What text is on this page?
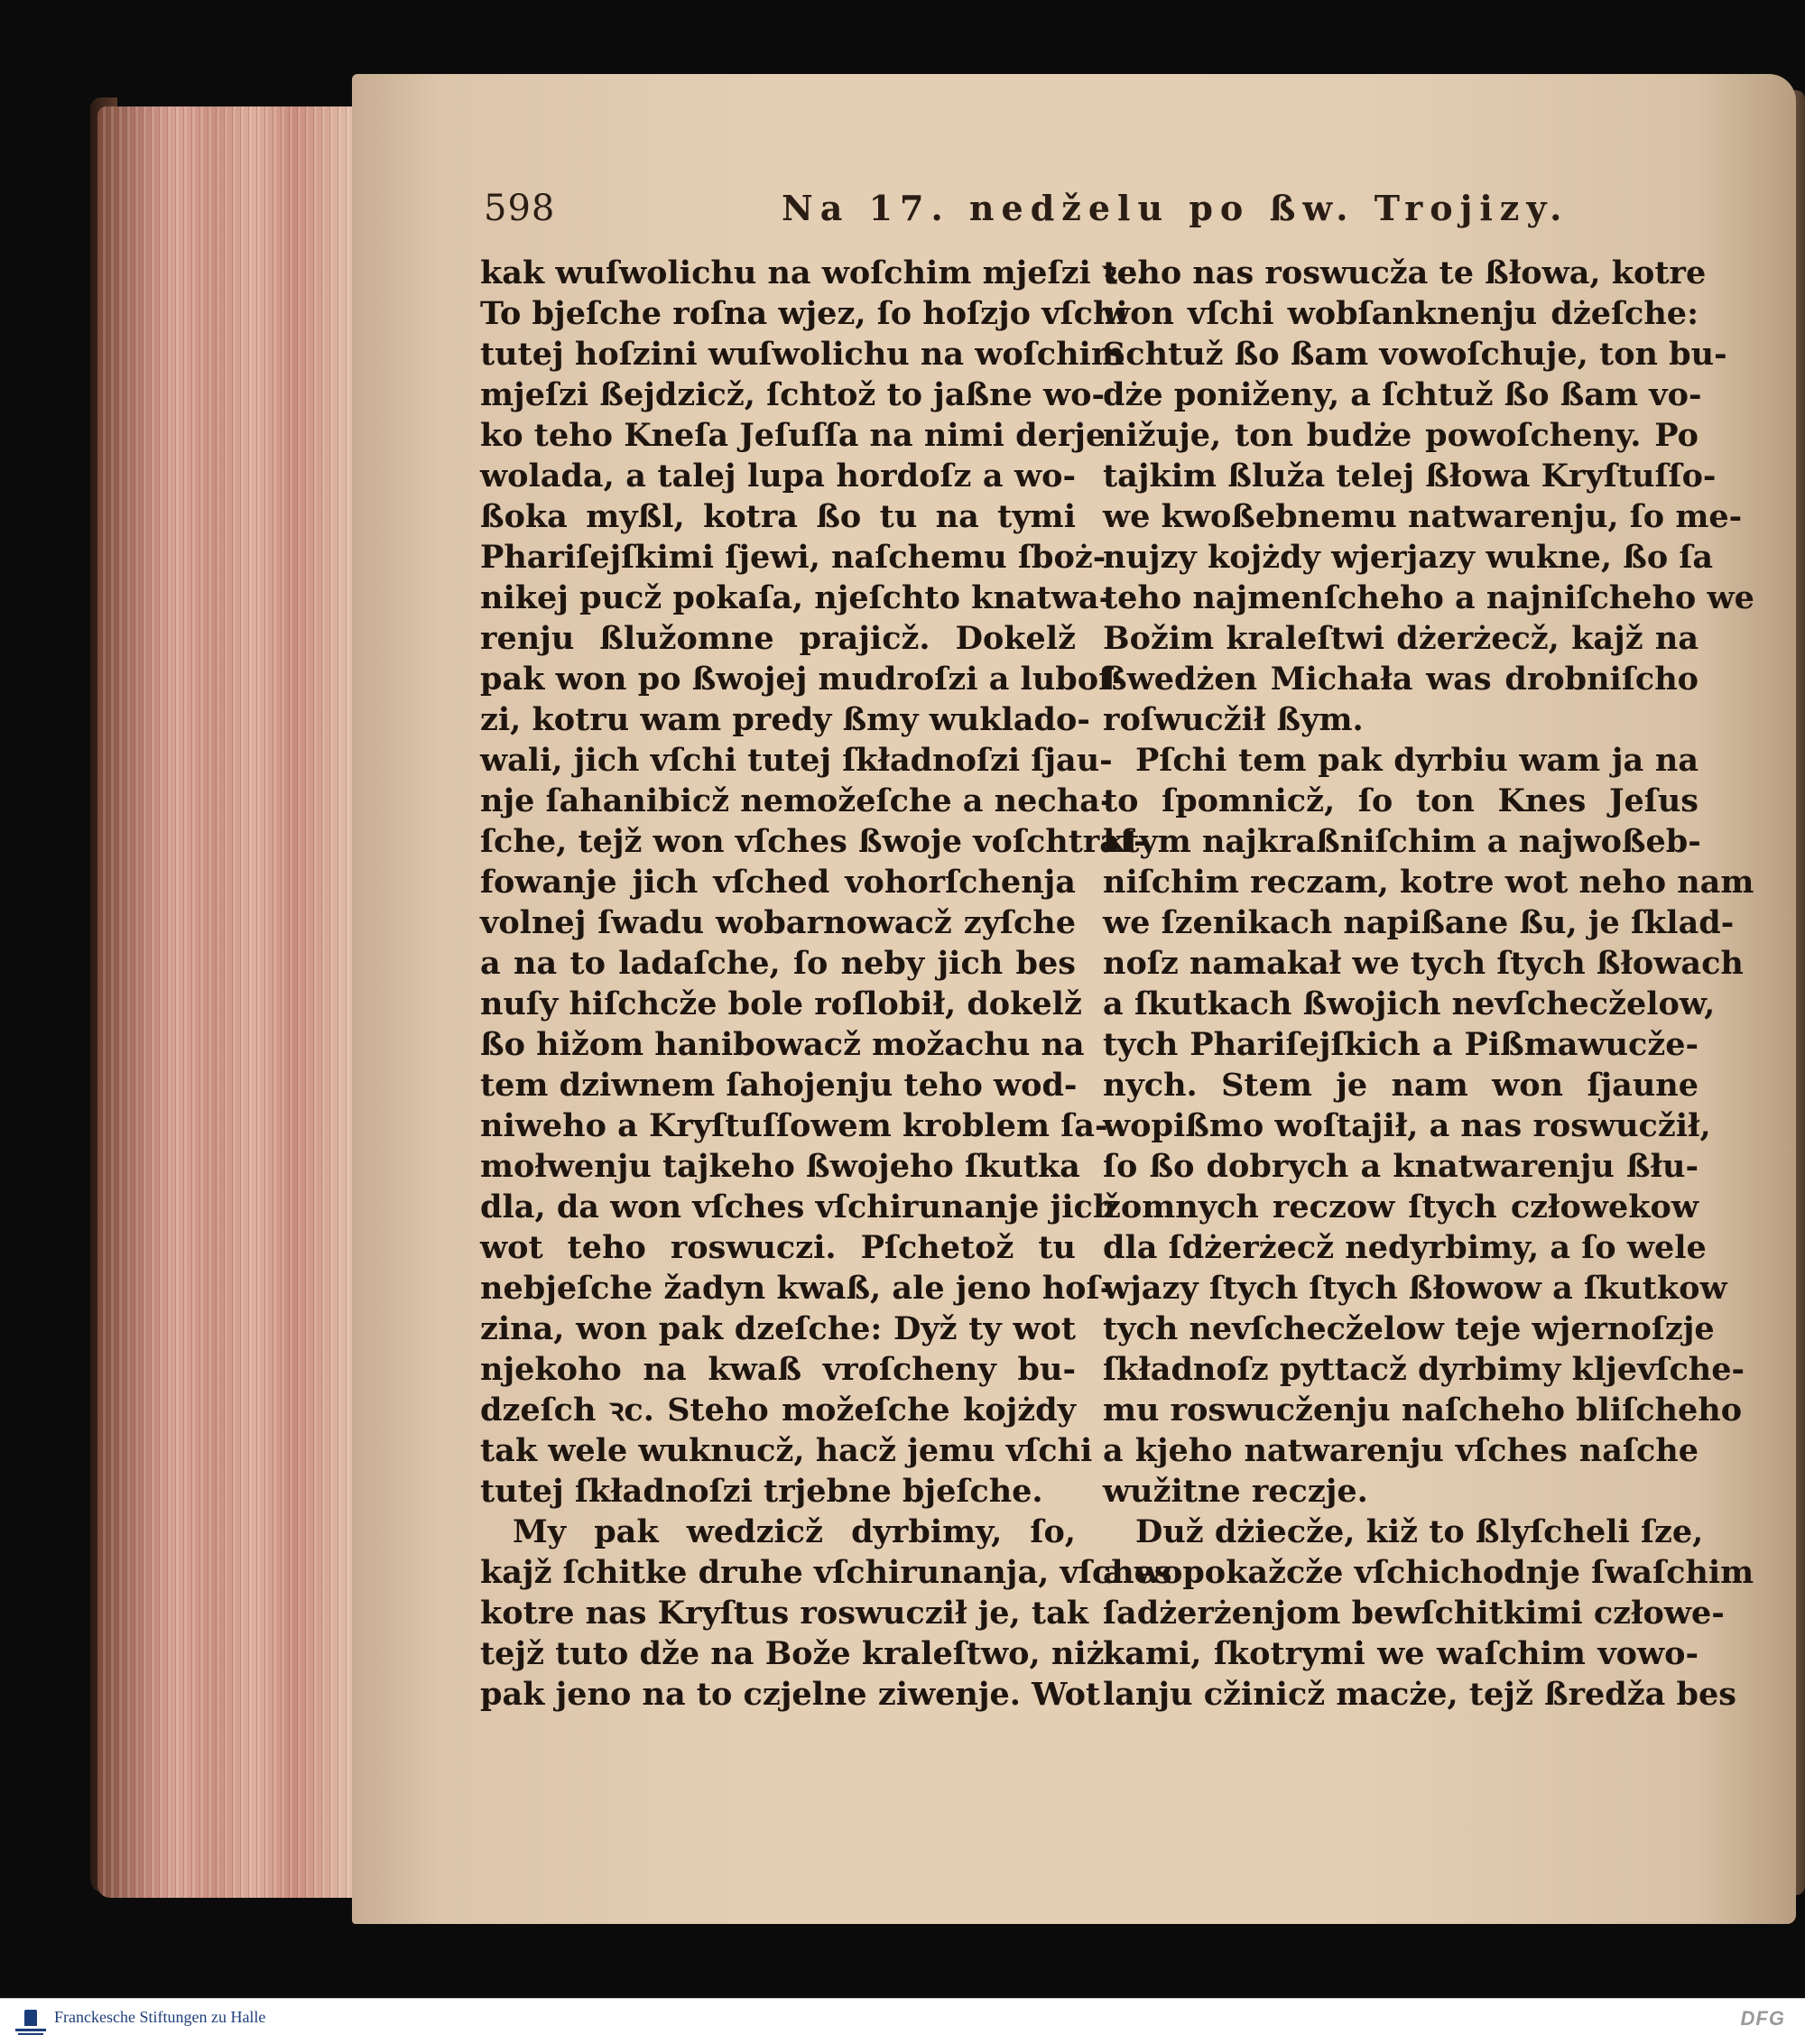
598	Na 17. nedželu po ßw. Trojizy.
kak wuſwolichu na woſchim mjeſzi ꝛc.
To bjeſche roſna wjez, ſo hoſzjo vſchi
tutej hoſzini wuſwolichu na woſchim
mjeſzi ßejdzicž, ſchtož to jaßne wo-
ko teho Kneſa Jeſuſſa na nimi derje
wolada, a talej lupa hordoſz a wo-
ßoka myßl, kotra ßo tu na tymi
Phariſejſkimi ſjewi, naſchemu ſboż-
nikej pucž pokaſa, njeſchto knatwa-
renju ßlužomne prajicž. Dokelž
pak won po ßwojej mudroſzi a luboſ-
zi, kotru wam predy ßmy wuklado-
wali, jich vſchi tutej ſkładnoſzi ſjau-
nje ſahanibicž nemožeſche a necha-
ſche, tejž won vſches ßwoje voſchtraſ-
fowanje jich vſched vohorſchenja
volnej ſwadu wobarnowacž zyſche
a na to ladaſche, ſo neby jich bes
nuſy hiſchcže bole roſlobił, dokelž
ßo hižom hanibowacž možachu na
tem dziwnem ſahojenju teho wod-
niweho a Kryſtuſſowem kroblem ſa-
mołwenju tajkeho ßwojeho ſkutka
dla, da won vſches vſchirunanje jich
wot teho roswuczi. Pſchetož tu
nebjeſche žadyn kwaß, ale jeno hoſ-
zina, won pak dzeſche: Dyž ty wot
njekoho na kwaß vroſcheny bu-
dzeſch ꝛc. Steho možeſche kojżdy
tak wele wuknucž, hacž jemu vſchi
tutej ſkładnoſzi trjebne bjeſche.
My pak wedzicž dyrbimy, ſo,
kajž ſchitke druhe vſchirunanja, vſches
kotre nas Kryſtus roswucził je, tak
tejž tuto dže na Bože kraleſtwo, niż
pak jeno na to czjelne ziwenje. Wot
teho nas roswucža te ßłowa, kotre
won vſchi wobſanknenju dżeſche:
Schtuž ßo ßam vowoſchuje, ton bu-
dże poniženy, a ſchtuž ßo ßam vo-
nižuje, ton budże powoſcheny. Po
tajkim ßluža telej ßłowa Kryſtuſſo-
we kwoßebnemu natwarenju, ſo me-
nujzy kojżdy wjerjazy wukne, ßo ſa
teho najmenſcheho a najniſcheho we
Božim kraleſtwi dżerżecž, kajž na
ßwedżen Michała was drobniſcho
roſwucžił ßym.
Pſchi tem pak dyrbiu wam ja na
to ſpomnicž, ſo ton Knes Jeſus
ktym najkraßniſchim a najwoßeb-
niſchim reczam, kotre wot neho nam
we ſzenikach napißane ßu, je ſklad-
noſz namakał we tych ſtych ßłowach
a ſkutkach ßwojich nevſchecželow,
tych Phariſejſkich a Pißmawucže-
nych. Stem je nam won ſjaune
wopißmo woſtajił, a nas roswucžił,
ſo ßo dobrych a knatwarenju ßłu-
žomnych reczow ſtych człowekow
dla ſdżerżecž nedyrbimy, a ſo wele
wjazy ſtych ſtych ßłowow a ſkutkow
tych nevſchecželow teje wjernoſzje
ſkładnoſz pyttacž dyrbimy kljevſche-
mu roswucženju naſcheho bliſcheho
a kjeho natwarenju vſches naſche
wužitne reczje.
Duž dżiecže, kiž to ßlyſcheli ſze,
a wopokažcže vſchichodnje ſwaſchim
ſadżerżenjom bewſchitkimi człowe-
kami, ſkotrymi we waſchim vowo-
lanju cžinicž macże, tejž ßredža bes
Franckesche Stiftungen zu Halle	DFG
